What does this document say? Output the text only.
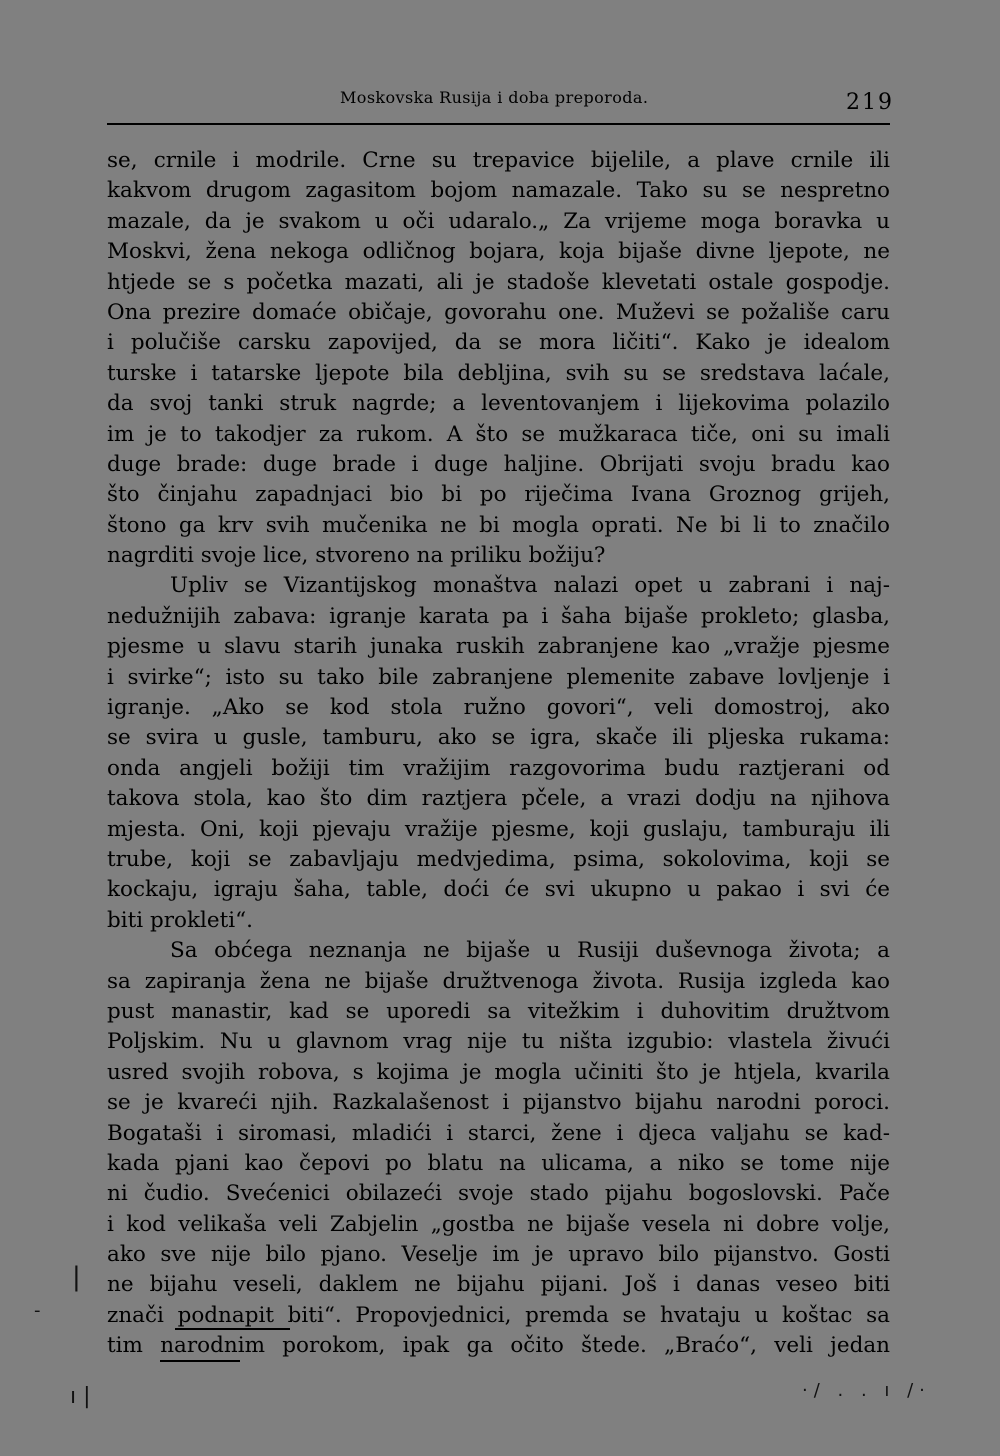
Moskovska Rusija i doba preporoda.	219
se, crnile i modrile. Crne su trepavice bijelile, a plave crnile ili
kakvom drugom zagasitom bojom namazale. Tako su se nespretno
mazale, da je svakom u oči udaralo.„ Za vrijeme moga boravka u
Moskvi, žena nekoga odličnog bojara, koja bijaše divne ljepote, ne
htjede se s početka mazati, ali je stadoše klevetati ostale gospodje.
Ona prezire domaće običaje, govorahu one. Muževi se požališe caru
i polučiše carsku zapovijed, da se mora ličiti“. Kako je idealom
turske i tatarske ljepote bila debljina, svih su se sredstava laćale,
da svoj tanki struk nagrde; a leventovanjem i lijekovima polazilo
im je to takodjer za rukom. A što se mužkaraca tiče, oni su imali
duge brade: duge brade i duge haljine. Obrijati svoju bradu kao
što činjahu zapadnjaci bio bi po riječima Ivana Groznog grijeh,
štono ga krv svih mučenika ne bi mogla oprati. Ne bi li to značilo
nagrditi svoje lice, stvoreno na priliku božiju?
Upliv se Vizantijskog monaštva nalazi opet u zabrani i naj-
nedužnijih zabava: igranje karata pa i šaha bijaše prokleto; glasba,
pjesme u slavu starih junaka ruskih zabranjene kao „vražje pjesme
i svirke“; isto su tako bile zabranjene plemenite zabave lovljenje i
igranje. „Ako se kod stola ružno govori“, veli domostroj, ako
se svira u gusle, tamburu, ako se igra, skače ili pljeska rukama:
onda angjeli božiji tim vražijim razgovorima budu raztjerani od
takova stola, kao što dim raztjera pčele, a vrazi dodju na njihova
mjesta. Oni, koji pjevaju vražije pjesme, koji guslaju, tamburaju ili
trube, koji se zabavljaju medvjedima, psima, sokolovima, koji se
kockaju, igraju šaha, table, doći će svi ukupno u pakao i svi će
biti prokleti“.
Sa obćega neznanja ne bijaše u Rusiji duševnoga života; a
sa zapiranja žena ne bijaše družtvenoga života. Rusija izgleda kao
pust manastir, kad se uporedi sa vitežkim i duhovitim družtvom
Poljskim. Nu u glavnom vrag nije tu ništa izgubio: vlastela živući
usred svojih robova, s kojima je mogla učiniti što je htjela, kvarila
se je kvareći njih. Razkalašenost i pijanstvo bijahu narodni poroci.
Bogataši i siromasi, mladići i starci, žene i djeca valjahu se kad-
kada pjani kao čepovi po blatu na ulicama, a niko se tome nije
ni čudio. Svećenici obilazeći svoje stado pijahu bogoslovski. Pače
i kod velikaša veli Zabjelin „gostba ne bijaše vesela ni dobre volje,
ako sve nije bilo pjano. Veselje im je upravo bilo pijanstvo. Gosti
ne bijahu veseli, daklem ne bijahu pijani. Još i danas veseo biti
znači podnapit biti“. Propovjednici, premda se hvataju u koštac sa
tim narodnim porokom, ipak ga očito štede. „Braćo“, veli jedan
|
-
ı |	·/ . . ı /·
